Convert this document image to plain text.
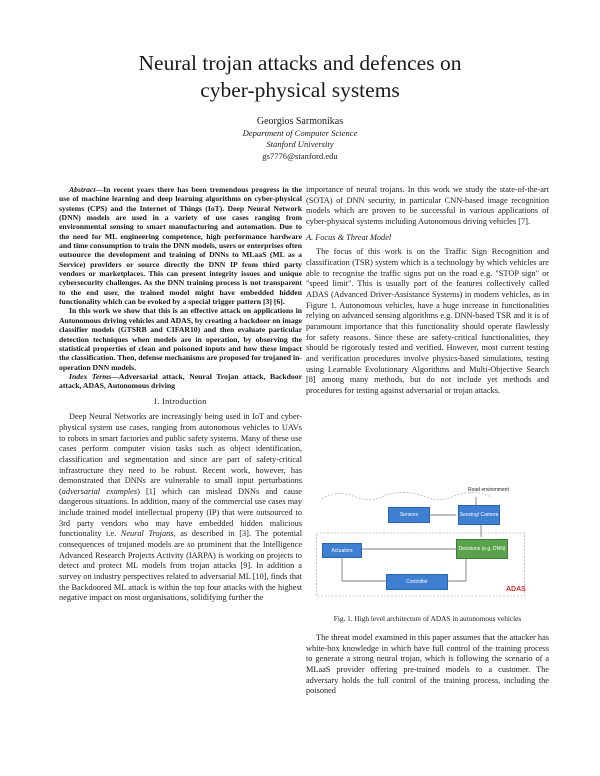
Neural trojan attacks and defences on
cyber-physical systems
Georgios Sarmonikas
Department of Computer Science
Stanford University
gs7776@stanford.edu

Abstract—In recent years there has been tremendous progress in the use of machine learning and deep learning algorithms on cyber-physical systems (CPS) and the Internet of Things (IoT). Deep Neural Network (DNN) models are used in a variety of use cases ranging from environmental sensing to smart manufacturing and automation. Due to the need for ML engineering competence, high performance hardware and time consumption to train the DNN models, users or enterprises often outsource the development and training of DNNs to MLaaS (ML as a Service) providers or source directly the DNN IP from third party vendors or marketplaces. This can present integrity issues and unique cybersecurity challenges. As the DNN training process is not transparent to the end user, the trained model might have embedded hidden functionality which can be evoked by a special trigger pattern [3] [6].

In this work we show that this is an effective attack on applications in Autonomous driving vehicles and ADAS, by creating a backdoor on image classifier models (GTSRB and CIFAR10) and then evaluate particular detection techniques when models are in operation, by observing the statistical properties of clean and poisoned inputs and how these impact the classification. Then, defense mechanisms are proposed for trojaned in-operation DNN models.

Index Terms—Adversarial attack, Neural Trojan attack, Backdoor attack, ADAS, Autonomous driving

I. Introduction

Deep Neural Networks are increasingly being used in IoT and cyber-physical system use cases, ranging from autonomous vehicles to UAVs to robots in smart factories and public safety systems. Many of these use cases perform computer vision tasks such as object identification, classification and segmentation and since are part of safety-critical infrastructure they need to be robust. Recent work, however, has demonstrated that DNNs are vulnerable to small input perturbations (adversarial examples) [1] which can mislead DNNs and cause dangerous situations. In addition, many of the commercial use cases may include trained model intellectual property (IP) that were outsourced to 3rd party vendors who may have embedded hidden malicious functionality i.e. Neural Trojans, as described in [3]. The potential consequences of trojaned models are so prominent that the Intelligence Advanced Research Projects Activity (IARPA) is working on projects to detect and protect ML models from trojan attacks [9]. In addition a survey on industry perspectives related to adversarial ML [10], finds that the Backdoored ML attack is within the top four attacks with the highest negative impact on most organisations, solidifying further the

importance of neural trojans. In this work we study the state-of-the-art (SOTA) of DNN security, in particular CNN-based image recognition models which are proven to be successful in various applications of cyber-physical systems including Autonomous driving vehicles [7].

A. Focus & Threat Model

The focus of this work is on the Traffic Sign Recognition and classification (TSR) system which is a technology by which vehicles are able to recognise the traffic signs put on the road e.g. "STOP sign" or "speed limit". This is usually part of the features collectively called ADAS (Advanced Driver-Assistance Systems) in modern vehicles, as in Figure 1. Autonomous vehicles, have a huge increase in functionalities relying on advanced sensing algorithms e.g. DNN-based TSR and it is of paramount importance that this functionality should operate flawlessly for safety reasons. Since these are safety-critical functionalities, they should be rigorously tested and verified. However, most current testing and verification procedures involve physics-based simulations, testing using Learnable Evolutionary Algorithms and Multi-Objective Search [8] among many methods, but do not include yet methods and procedures for testing against adversarial or trojan attacks.

Road environment
Sensors	Sensing/ Camera
Actuators	Decisions (e.g. DNN)
Controller
ADAS
Fig. 1. High level architecture of ADAS in autonomous vehicles

The threat model examined in this paper assumes that the attacker has white-box knowledge in which have full control of the training process to generate a strong neural trojan, which is following the scenario of a MLaaS provider offering pre-trained models to a customer. The adversary holds the full control of the training process, including the poisoned
